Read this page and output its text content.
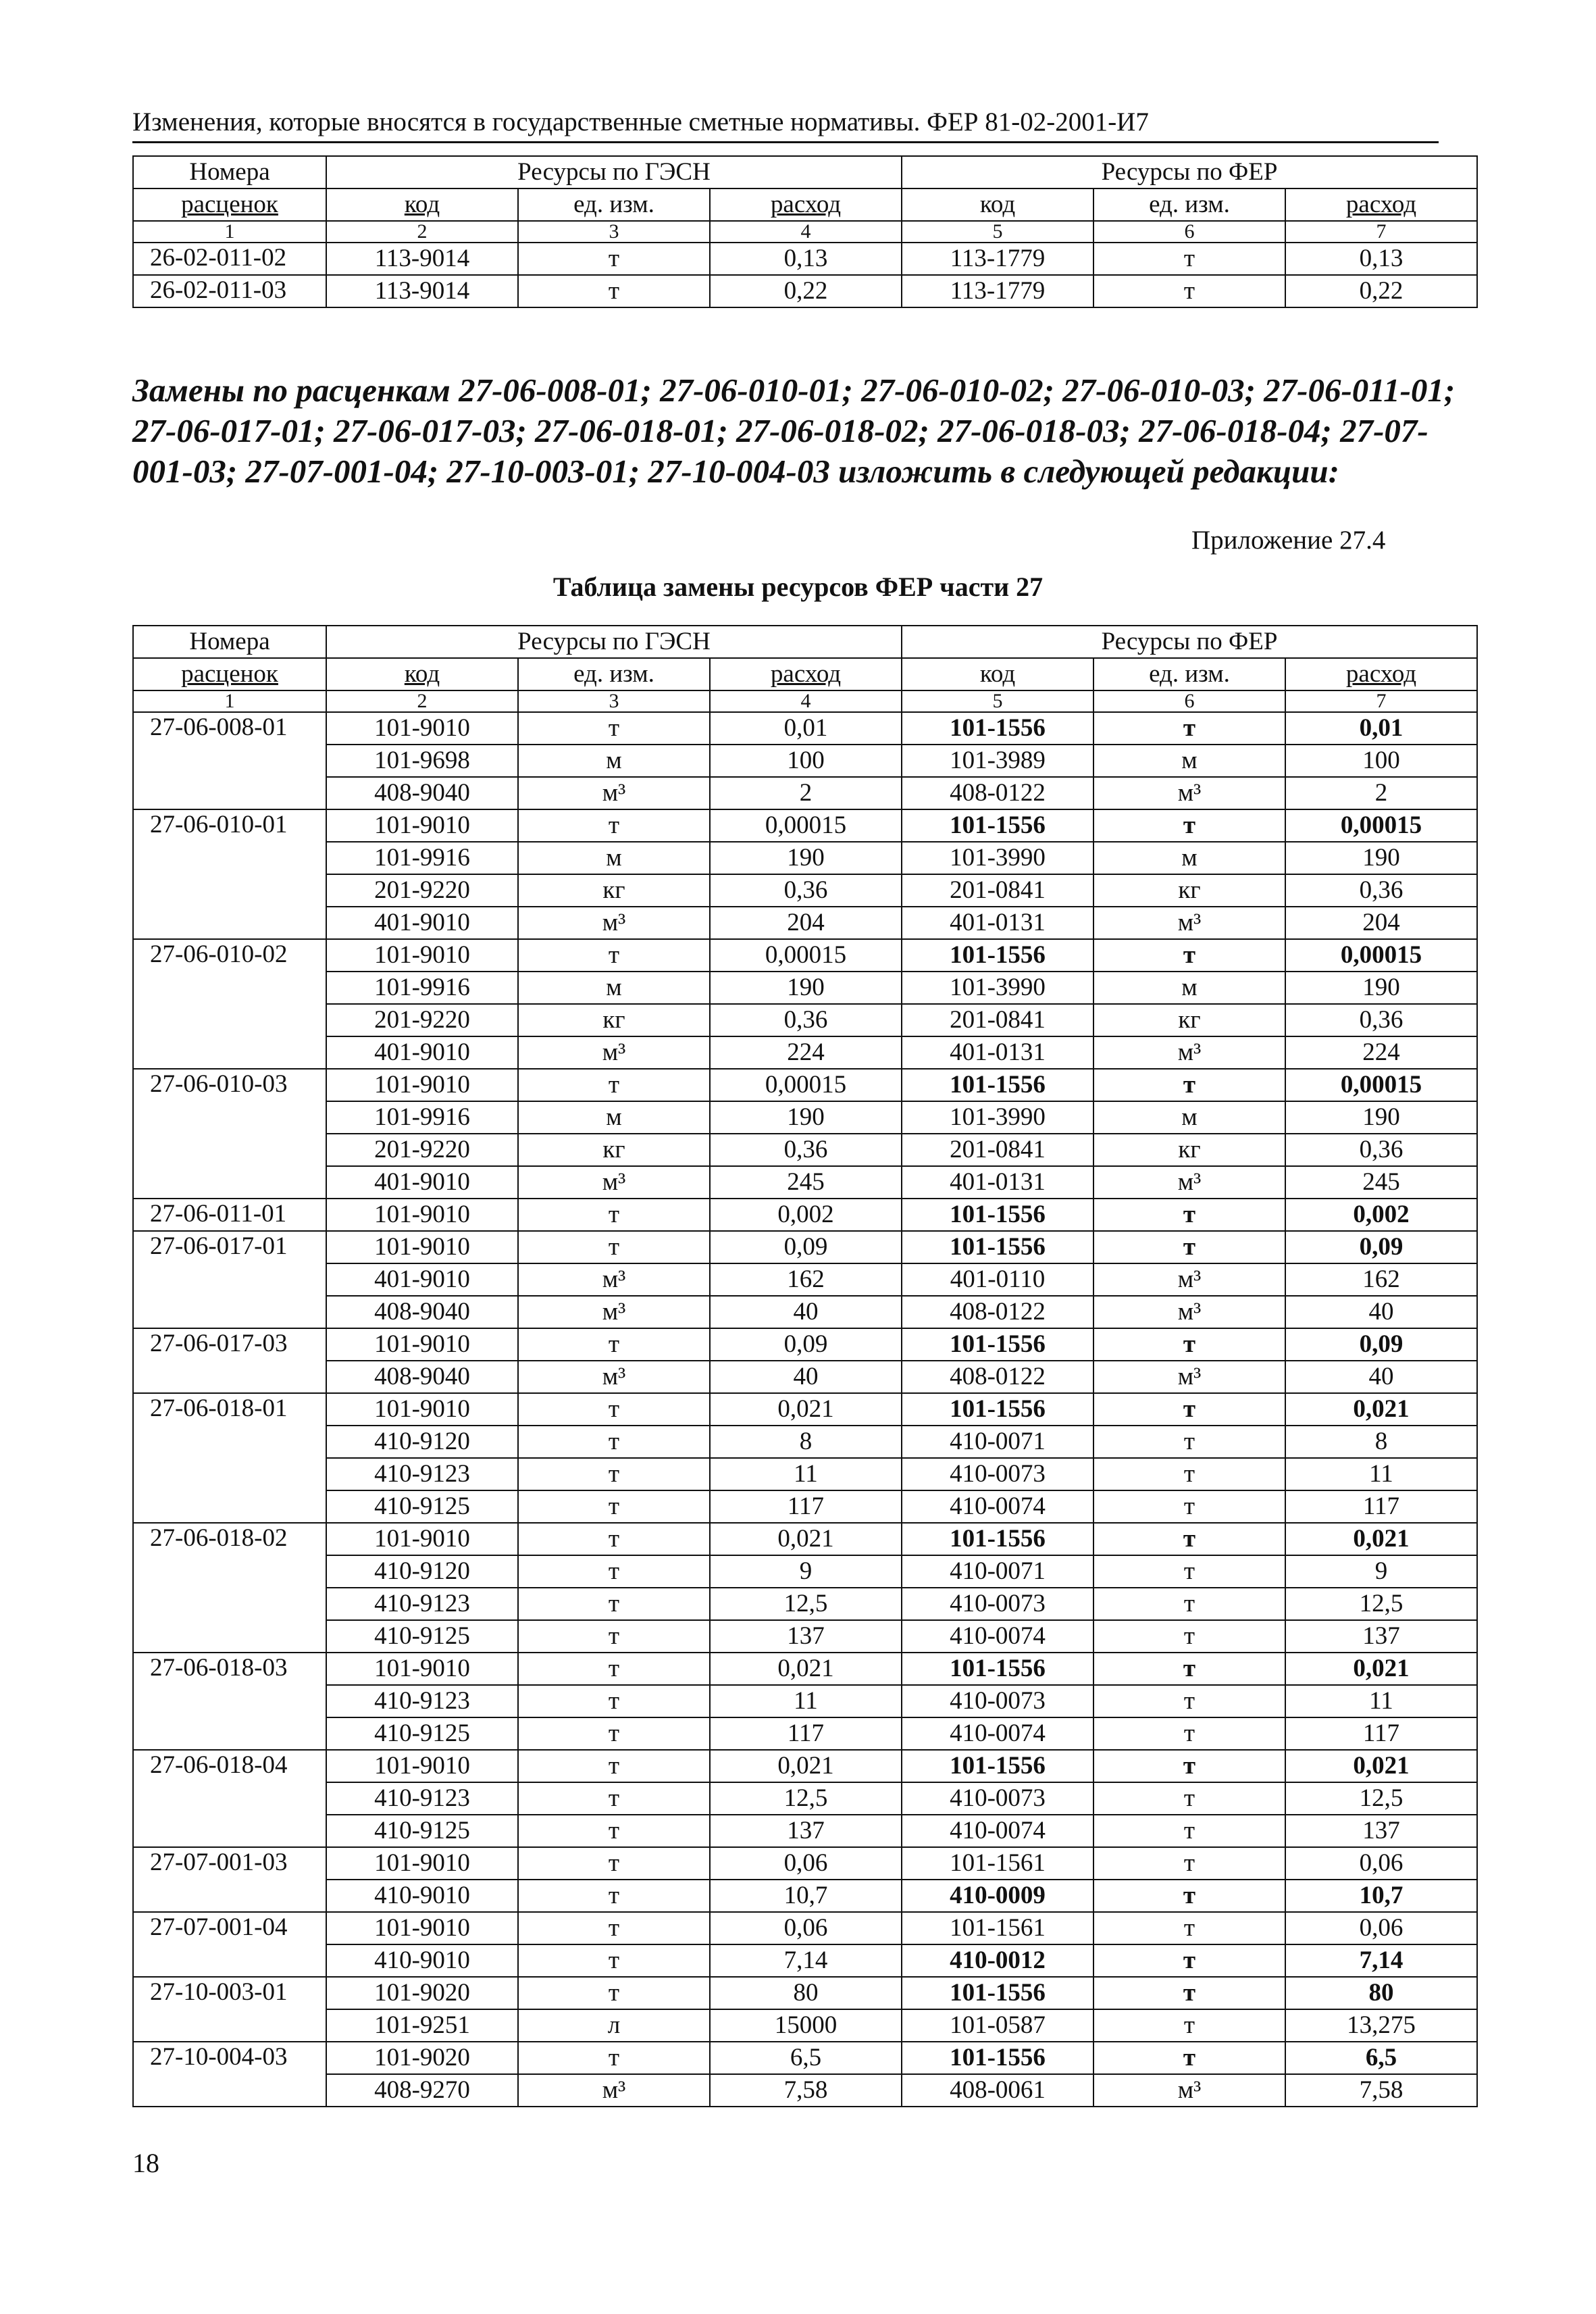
Изменения, которые вносятся в государственные сметные нормативы. ФЕР 81-02-2001-И7
Номера	Ресурсы по ГЭСН			Ресурсы по ФЕР		
расценок	код	ед. изм.	расход	код	ед. изм.	расход
1	2	3	4	5	6	7
26-02-011-02	113-9014	т	0,13	113-1779	т	0,13
26-02-011-03	113-9014	т	0,22	113-1779	т	0,22
Замены по расценкам 27-06-008-01; 27-06-010-01; 27-06-010-02; 27-06-010-03; 27-06-011-01; 27-06-017-01; 27-06-017-03; 27-06-018-01; 27-06-018-02; 27-06-018-03; 27-06-018-04; 27-07-001-03; 27-07-001-04; 27-10-003-01; 27-10-004-03 изложить в следующей редакции:
Приложение 27.4
Таблица замены ресурсов ФЕР части 27
Номера	Ресурсы по ГЭСН			Ресурсы по ФЕР		
расценок	код	ед. изм.	расход	код	ед. изм.	расход
1	2	3	4	5	6	7
27-06-008-01	101-9010	т	0,01	101-1556	т	0,01
	101-9698	м	100	101-3989	м	100
	408-9040	м³	2	408-0122	м³	2
27-06-010-01	101-9010	т	0,00015	101-1556	т	0,00015
	101-9916	м	190	101-3990	м	190
	201-9220	кг	0,36	201-0841	кг	0,36
	401-9010	м³	204	401-0131	м³	204
27-06-010-02	101-9010	т	0,00015	101-1556	т	0,00015
	101-9916	м	190	101-3990	м	190
	201-9220	кг	0,36	201-0841	кг	0,36
	401-9010	м³	224	401-0131	м³	224
27-06-010-03	101-9010	т	0,00015	101-1556	т	0,00015
	101-9916	м	190	101-3990	м	190
	201-9220	кг	0,36	201-0841	кг	0,36
	401-9010	м³	245	401-0131	м³	245
27-06-011-01	101-9010	т	0,002	101-1556	т	0,002
27-06-017-01	101-9010	т	0,09	101-1556	т	0,09
	401-9010	м³	162	401-0110	м³	162
	408-9040	м³	40	408-0122	м³	40
27-06-017-03	101-9010	т	0,09	101-1556	т	0,09
	408-9040	м³	40	408-0122	м³	40
27-06-018-01	101-9010	т	0,021	101-1556	т	0,021
	410-9120	т	8	410-0071	т	8
	410-9123	т	11	410-0073	т	11
	410-9125	т	117	410-0074	т	117
27-06-018-02	101-9010	т	0,021	101-1556	т	0,021
	410-9120	т	9	410-0071	т	9
	410-9123	т	12,5	410-0073	т	12,5
	410-9125	т	137	410-0074	т	137
27-06-018-03	101-9010	т	0,021	101-1556	т	0,021
	410-9123	т	11	410-0073	т	11
	410-9125	т	117	410-0074	т	117
27-06-018-04	101-9010	т	0,021	101-1556	т	0,021
	410-9123	т	12,5	410-0073	т	12,5
	410-9125	т	137	410-0074	т	137
27-07-001-03	101-9010	т	0,06	101-1561	т	0,06
	410-9010	т	10,7	410-0009	т	10,7
27-07-001-04	101-9010	т	0,06	101-1561	т	0,06
	410-9010	т	7,14	410-0012	т	7,14
27-10-003-01	101-9020	т	80	101-1556	т	80
	101-9251	л	15000	101-0587	т	13,275
27-10-004-03	101-9020	т	6,5	101-1556	т	6,5
	408-9270	м³	7,58	408-0061	м³	7,58
18
